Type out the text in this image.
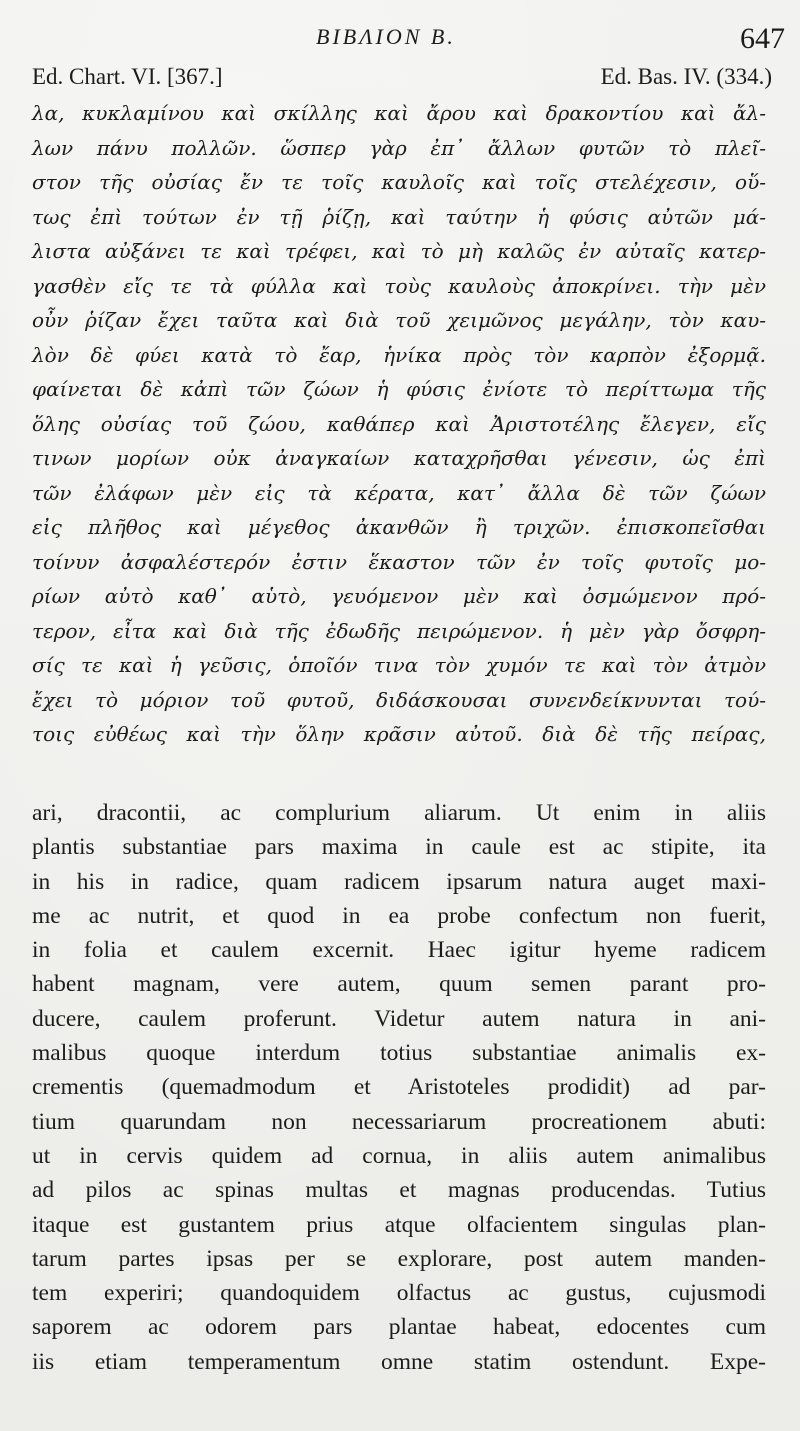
ΒΙΒΛΙΟΝ Β.	647
Ed. Chart. VI. [367.]	Ed. Bas. IV. (334.)
λα, κυκλαμίνου καὶ σκίλλης καὶ ἄρου καὶ δρακοντίου καὶ ἄλ-
λων πάνυ πολλῶν. ὥσπερ γὰρ ἐπ᾽ ἄλλων φυτῶν τὸ πλεῖ-
στον τῆς οὐσίας ἔν τε τοῖς καυλοῖς καὶ τοῖς στελέχεσιν, οὕ-
τως ἐπὶ τούτων ἐν τῇ ῥίζῃ, καὶ ταύτην ἡ φύσις αὐτῶν μά-
λιστα αὐξάνει τε καὶ τρέφει, καὶ τὸ μὴ καλῶς ἐν αὐταῖς κατερ-
γασθὲν εἴς τε τὰ φύλλα καὶ τοὺς καυλοὺς ἀποκρίνει. τὴν μὲν
οὖν ῥίζαν ἔχει ταῦτα καὶ διὰ τοῦ χειμῶνος μεγάλην, τὸν καυ-
λὸν δὲ φύει κατὰ τὸ ἔαρ, ἡνίκα πρὸς τὸν καρπὸν ἐξορμᾷ.
φαίνεται δὲ κἀπὶ τῶν ζώων ἡ φύσις ἐνίοτε τὸ περίττωμα τῆς
ὅλης οὐσίας τοῦ ζώου, καθάπερ καὶ Ἀριστοτέλης ἔλεγεν, εἴς
τινων μορίων οὐκ ἀναγκαίων καταχρῆσθαι γένεσιν, ὡς ἐπὶ
τῶν ἐλάφων μὲν εἰς τὰ κέρατα, κατ᾽ ἄλλα δὲ τῶν ζώων
εἰς πλῆθος καὶ μέγεθος ἀκανθῶν ἢ τριχῶν. ἐπισκοπεῖσθαι
τοίνυν ἀσφαλέστερόν ἐστιν ἕκαστον τῶν ἐν τοῖς φυτοῖς μο-
ρίων αὐτὸ καθ᾽ αὑτὸ, γευόμενον μὲν καὶ ὀσμώμενον πρό-
τερον, εἶτα καὶ διὰ τῆς ἐδωδῆς πειρώμενον. ἡ μὲν γὰρ ὄσφρη-
σίς τε καὶ ἡ γεῦσις, ὁποῖόν τινα τὸν χυμόν τε καὶ τὸν ἀτμὸν
ἔχει τὸ μόριον τοῦ φυτοῦ, διδάσκουσαι συνενδείκνυνται τού-
τοις εὐθέως καὶ τὴν ὅλην κρᾶσιν αὐτοῦ. διὰ δὲ τῆς πείρας,
ari, dracontii, ac complurium aliarum. Ut enim in aliis
plantis substantiae pars maxima in caule est ac stipite, ita
in his in radice, quam radicem ipsarum natura auget maxi-
me ac nutrit, et quod in ea probe confectum non fuerit,
in folia et caulem excernit. Haec igitur hyeme radicem
habent magnam, vere autem, quum semen parant pro-
ducere, caulem proferunt. Videtur autem natura in ani-
malibus quoque interdum totius substantiae animalis ex-
crementis (quemadmodum et Aristoteles prodidit) ad par-
tium quarundam non necessariarum procreationem abuti:
ut in cervis quidem ad cornua, in aliis autem animalibus
ad pilos ac spinas multas et magnas producendas. Tutius
itaque est gustantem prius atque olfacientem singulas plan-
tarum partes ipsas per se explorare, post autem manden-
tem experiri; quandoquidem olfactus ac gustus, cujusmodi
saporem ac odorem pars plantae habeat, edocentes cum
iis etiam temperamentum omne statim ostendunt. Expe-
